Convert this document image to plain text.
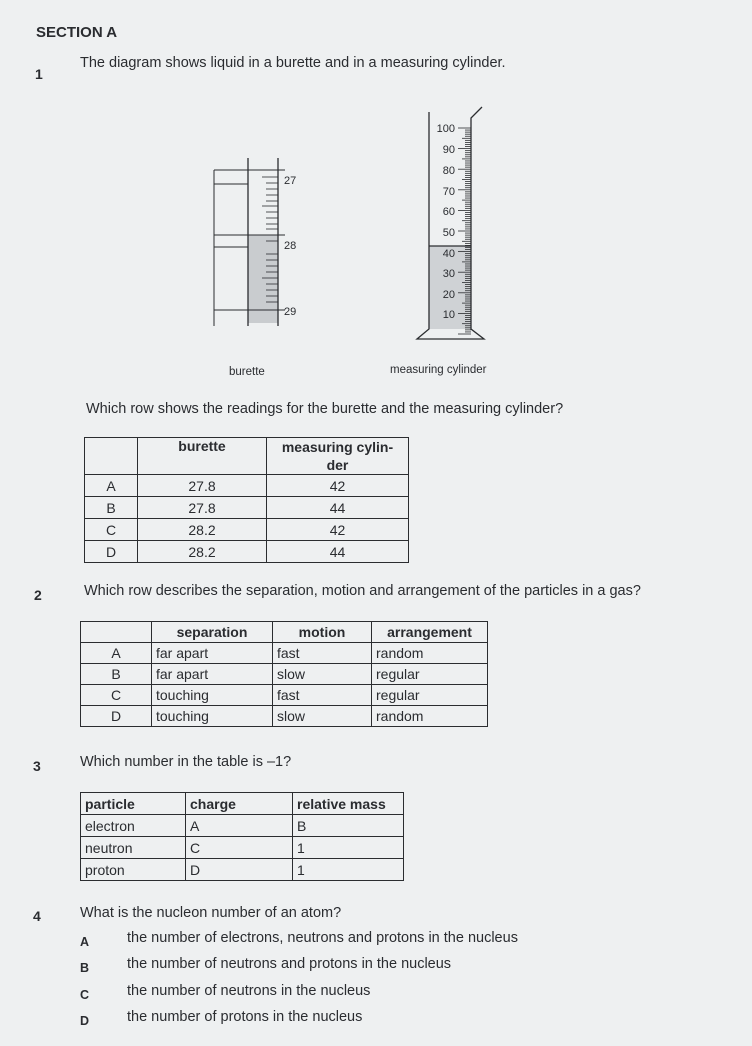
SECTION A
1
The diagram shows liquid in a burette and in a measuring cylinder.
27
28
29
100
90
80
70
60
50
40
30
20
10
burette	measuring cylinder
Which row shows the readings for the burette and the measuring cylinder?
	burette	measuring cylin-
der
A	27.8	42
B	27.8	44
C	28.2	42
D	28.2	44
2	Which row describes the separation, motion and arrangement of the particles in a gas?
	separation	motion	arrangement
A	far apart	fast	random
B	far apart	slow	regular
C	touching	fast	regular
D	touching	slow	random
3	Which number in the table is –1?
particle	charge	relative mass
electron	A	B
neutron	C	1
proton	D	1
4	What is the nucleon number of an atom?
A	the number of electrons, neutrons and protons in the nucleus
B	the number of neutrons and protons in the nucleus
C	the number of neutrons in the nucleus
D	the number of protons in the nucleus
